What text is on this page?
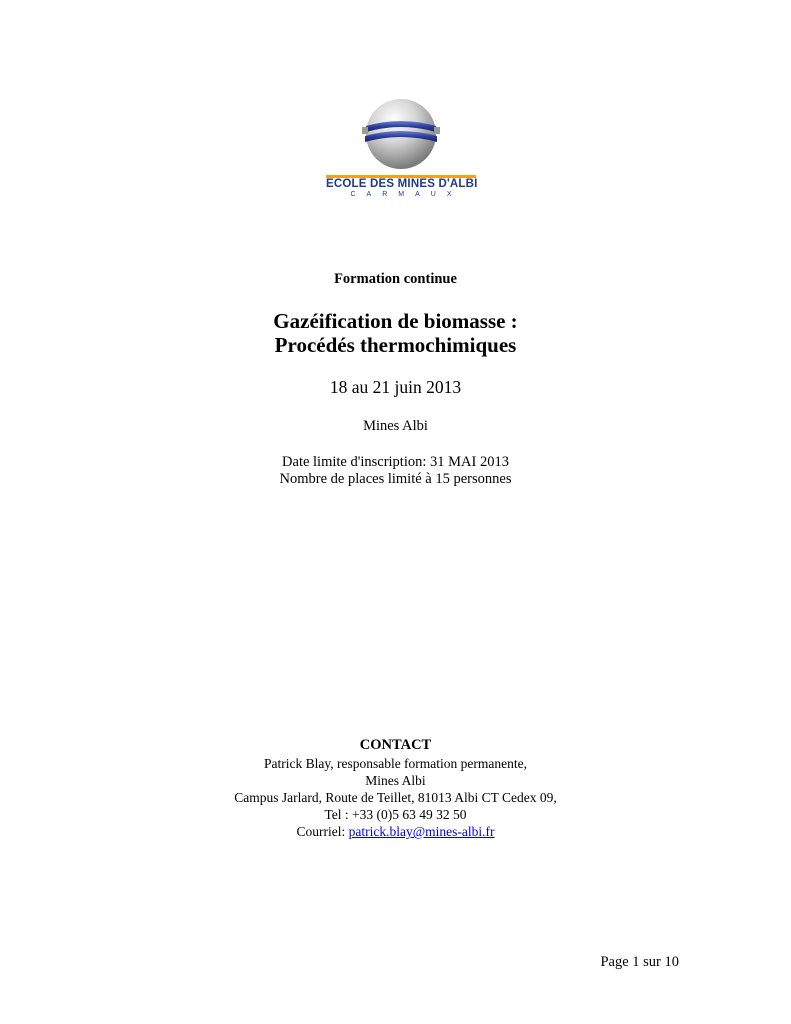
ECOLE DES MINES D'ALBI
CARMAUX
Formation continue
Gazéification de biomasse :
Procédés thermochimiques
18 au 21 juin 2013
Mines Albi
Date limite d'inscription: 31 MAI 2013
Nombre de places limité à 15 personnes
CONTACT
Patrick Blay, responsable formation permanente,
Mines Albi
Campus Jarlard, Route de Teillet, 81013 Albi CT Cedex 09,
Tel : +33 (0)5 63 49 32 50
Courriel: patrick.blay@mines-albi.fr
Page 1 sur 10
